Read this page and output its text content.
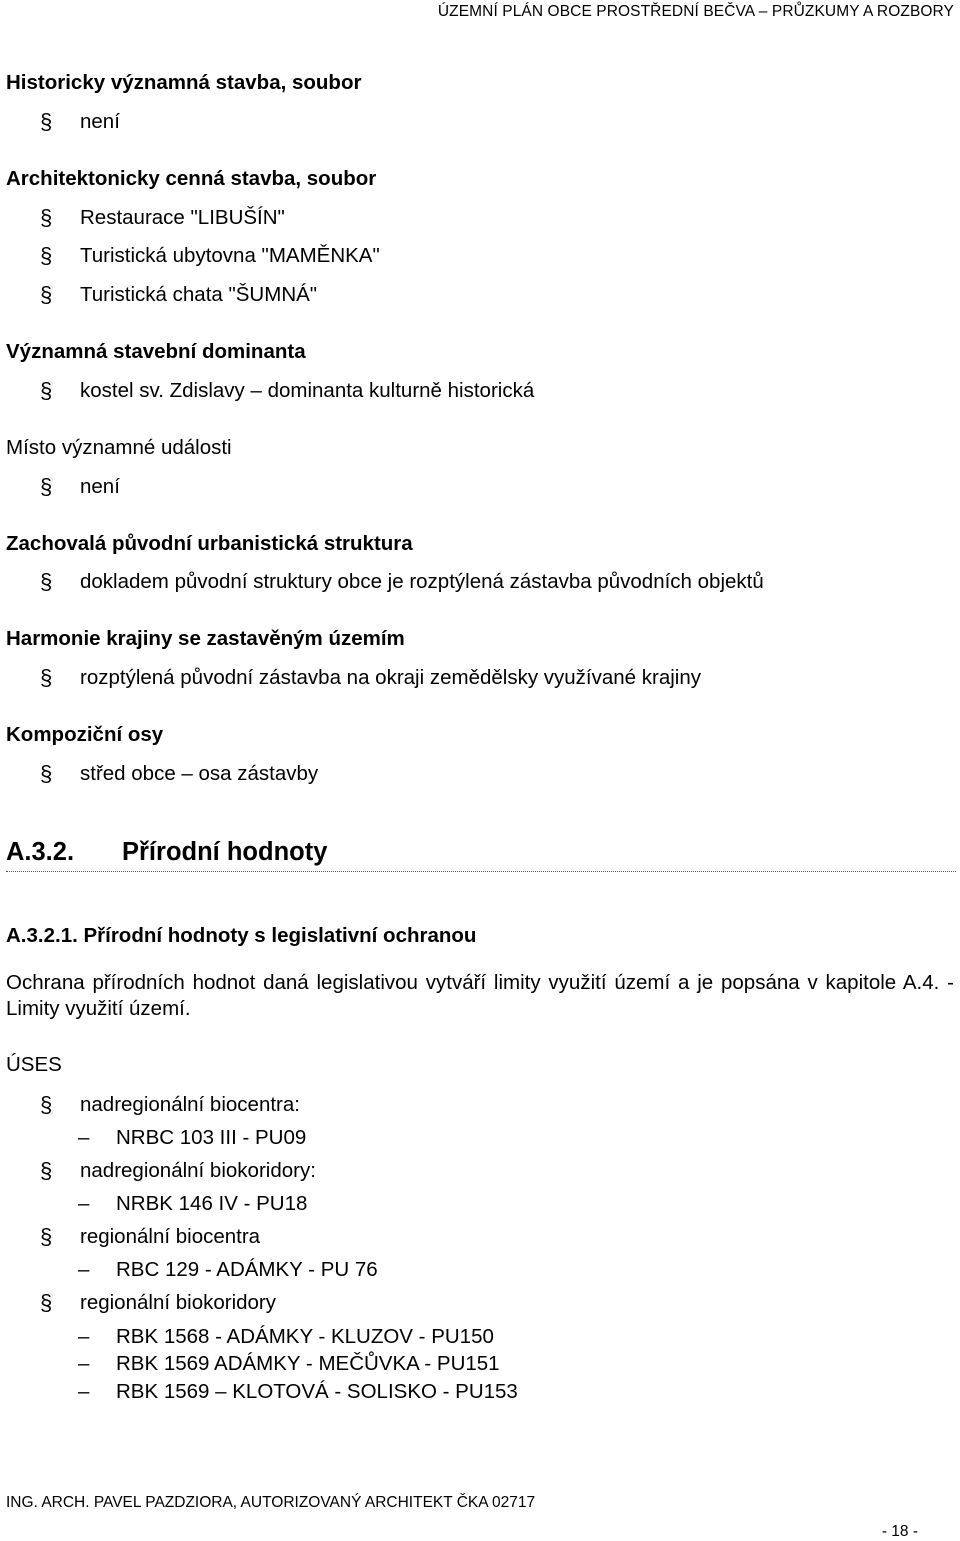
ÚZEMNÍ PLÁN OBCE PROSTŘEDNÍ BEČVA – PRŮZKUMY A ROZBORY
Historicky významná stavba, soubor
§	není
Architektonicky cenná stavba, soubor
§	Restaurace "LIBUŠÍN"
§	Turistická ubytovna "MAMĚNKA"
§	Turistická chata "ŠUMNÁ"
Významná stavební dominanta
§	kostel sv. Zdislavy – dominanta kulturně historická
Místo významné události
§	není
Zachovalá původní urbanistická struktura
§	dokladem původní struktury obce je rozptýlená zástavba původních objektů
Harmonie krajiny se zastavěným územím
§	rozptýlená původní zástavba na okraji zemědělsky využívané krajiny
Kompoziční osy
§	střed obce – osa zástavby
A.3.2. Přírodní hodnoty
A.3.2.1. Přírodní hodnoty s legislativní ochranou
Ochrana přírodních hodnot daná legislativou vytváří limity využití území a je popsána v kapitole A.4. - Limity využití území.
ÚSES
§	nadregionální biocentra:
–	NRBC 103 III - PU09
§	nadregionální biokoridory:
–	NRBK 146 IV - PU18
§	regionální biocentra
–	RBC 129 - ADÁMKY - PU 76
§	regionální biokoridory
–	RBK 1568 - ADÁMKY - KLUZOV - PU150
–	RBK 1569 ADÁMKY - MEČŮVKA - PU151
–	RBK 1569 – KLOTOVÁ - SOLISKO - PU153
ING. ARCH. PAVEL PAZDZIORA, AUTORIZOVANÝ ARCHITEKT ČKA 02717
- 18 -
